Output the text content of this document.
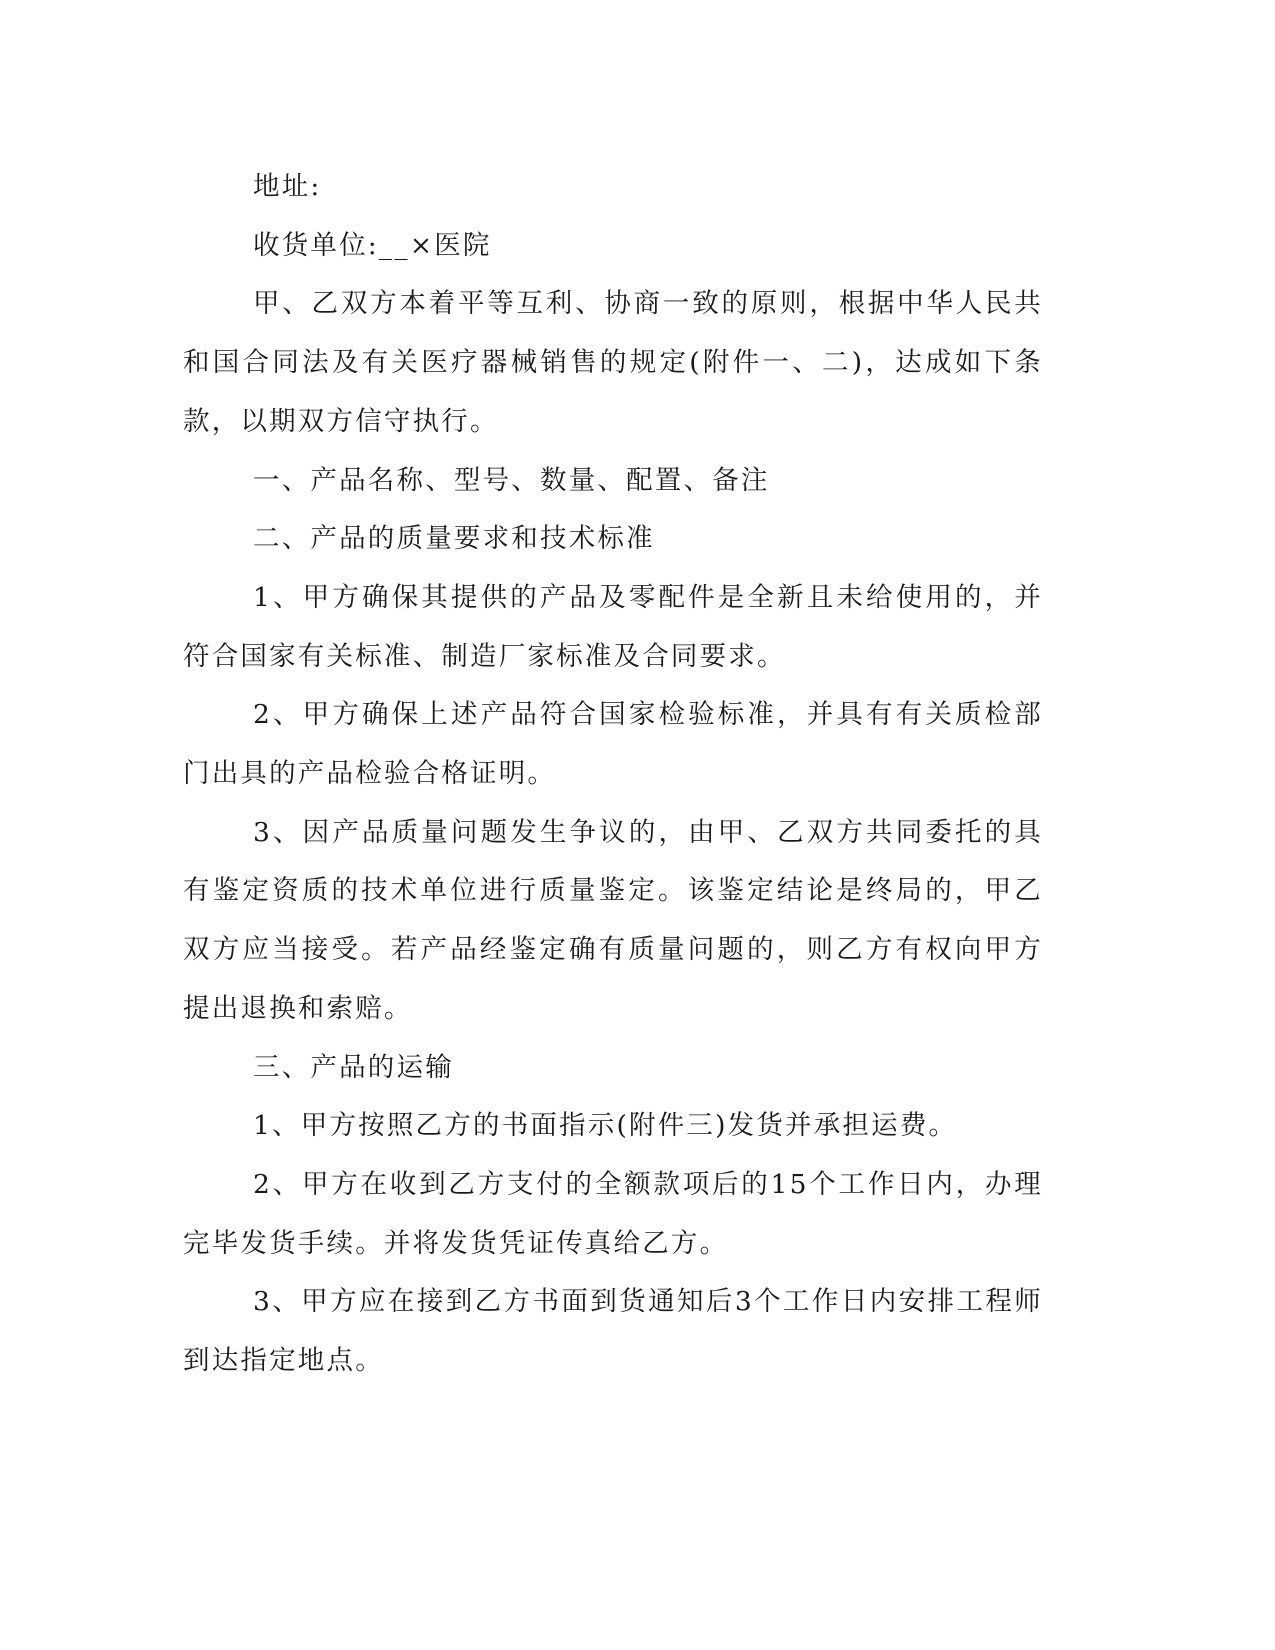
地址:

收货单位:__×医院

甲、乙双方本着平等互利、协商一致的原则，根据中华人民共和国合同法及有关医疗器械销售的规定(附件一、二)，达成如下条款，以期双方信守执行。

一、产品名称、型号、数量、配置、备注

二、产品的质量要求和技术标准

1、甲方确保其提供的产品及零配件是全新且未给使用的，并符合国家有关标准、制造厂家标准及合同要求。

2、甲方确保上述产品符合国家检验标准，并具有有关质检部门出具的产品检验合格证明。

3、因产品质量问题发生争议的，由甲、乙双方共同委托的具有鉴定资质的技术单位进行质量鉴定。该鉴定结论是终局的，甲乙双方应当接受。若产品经鉴定确有质量问题的，则乙方有权向甲方提出退换和索赔。

三、产品的运输

1、甲方按照乙方的书面指示(附件三)发货并承担运费。

2、甲方在收到乙方支付的全额款项后的15个工作日内，办理完毕发货手续。并将发货凭证传真给乙方。

3、甲方应在接到乙方书面到货通知后3个工作日内安排工程师到达指定地点。
